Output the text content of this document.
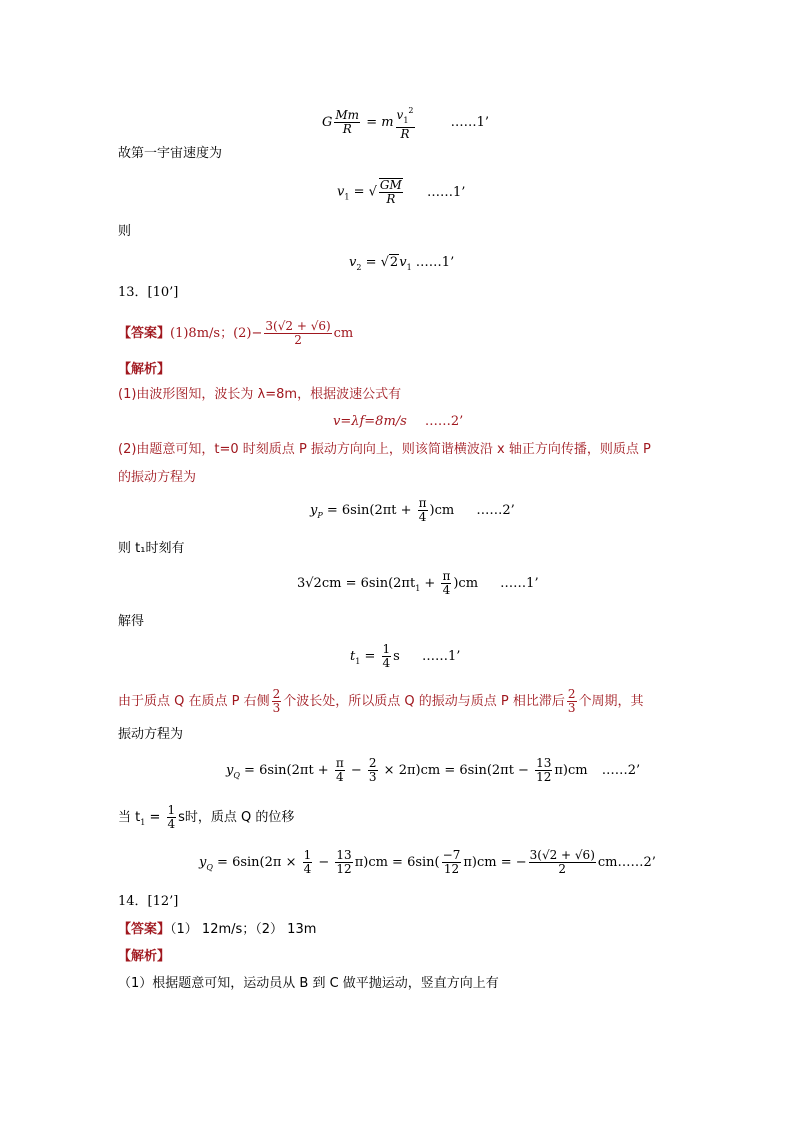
G $\frac{Mm}{R} = m \frac{v_1^2}{R}$	……1’
故第一宇宙速度为
$v_1$ = √ $\frac{GM}{R}$ ……1’
则
$v_2 = √2v_1$ ……1’
13．[10’]
【答案】(1)8m/s；$(2)- \frac{3(√2 + √6)}{2}$ cm
【解析】
(1)由波形图知，波长为 λ=8m，根据波速公式有
v=λf=8m/s ……2’
(2)由题意可知，t=0 时刻质点 P 振动方向向上，则该简谐横波沿 x 轴正方向传播，则质点 P
的振动方程为
$y_P = 6\sin(2\pi t + \frac{\pi}{4} )cm$ ……2’
则 t₁时刻有
$3√2cm = 6\sin(2\pi t_1 + \frac{\pi}{4} )cm$ ……1’
解得
$t_1 = \frac{1}{4}$ s ……1’
由于质点 Q 在质点 P 右侧 $\frac{2}{3}$ 个波长处，所以质点 Q 的振动与质点 P 相比滞后 $\frac{2}{3}$ 个周期，其
振动方程为
$y_Q = 6\sin(2\pi t + \frac{\pi}{4} - \frac{2}{3} \times 2\pi)cm = 6\sin(2\pi t - \frac{13}{12} \pi)cm$ ……2’
当 $t_1 = \frac{1}{4}$ s时，质点 Q 的位移
$y_Q = 6\sin(2\pi \times \frac{1}{4} - \frac{13}{12} \pi)cm = 6\sin( \frac{-7}{12} \pi)cm$ = − $\frac{3(√2 + √6)}{2}$ cm……2’
14．[12’]
【答案】（1） 12m/s；（2） 13m
【解析】
（1）根据题意可知，运动员从 B 到 C 做平抛运动，竖直方向上有
